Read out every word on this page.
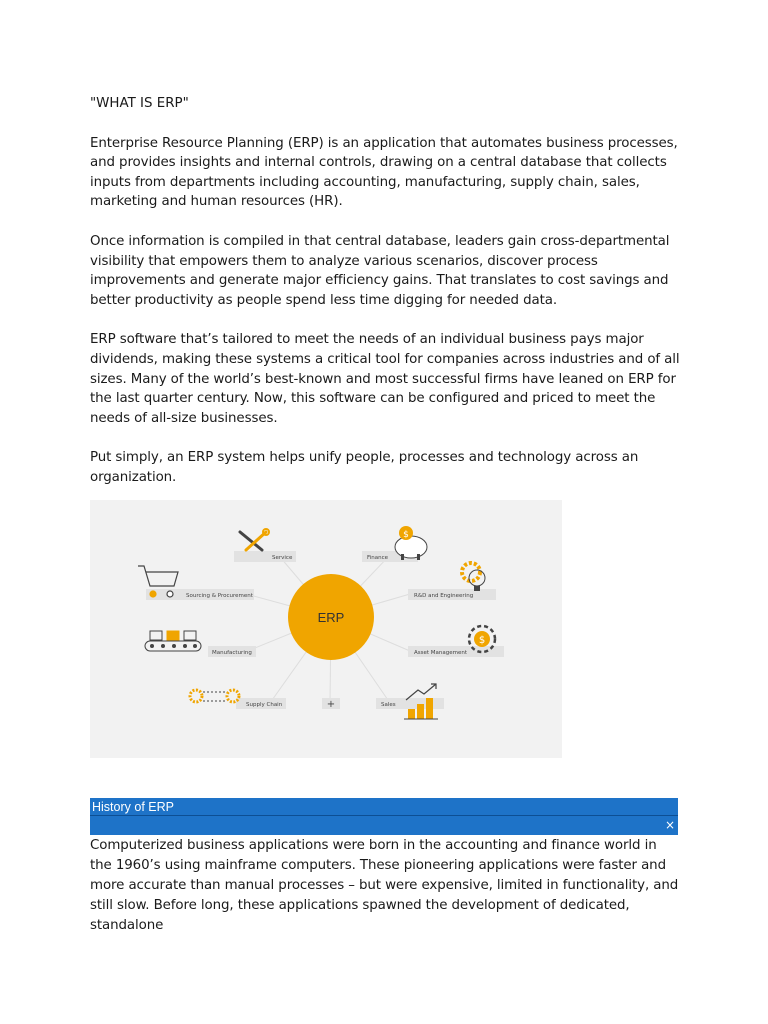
"WHAT IS ERP"

Enterprise Resource Planning (ERP) is an application that automates business processes, and provides insights and internal controls, drawing on a central database that collects inputs from departments including accounting, manufacturing, supply chain, sales, marketing and human resources (HR).

Once information is compiled in that central database, leaders gain cross-departmental visibility that empowers them to analyze various scenarios, discover process improvements and generate major efficiency gains. That translates to cost savings and better productivity as people spend less time digging for needed data.

ERP software that’s tailored to meet the needs of an individual business pays major dividends, making these systems a critical tool for companies across industries and of all sizes. Many of the world’s best-known and most successful firms have leaned on ERP for the last quarter century. Now, this software can be configured and priced to meet the needs of all-size businesses.

Put simply, an ERP system helps unify people, processes and technology across an organization.

ERP
Service	Finance
$
Sourcing & Procurement	R&D and Engineering
Manufacturing	Asset Management
$
Supply Chain	+	Sales
History of ERP
×

Computerized business applications were born in the accounting and finance world in the 1960’s using mainframe computers. These pioneering applications were faster and more accurate than manual processes – but were expensive, limited in functionality, and still slow. Before long, these applications spawned the development of dedicated, standalone
